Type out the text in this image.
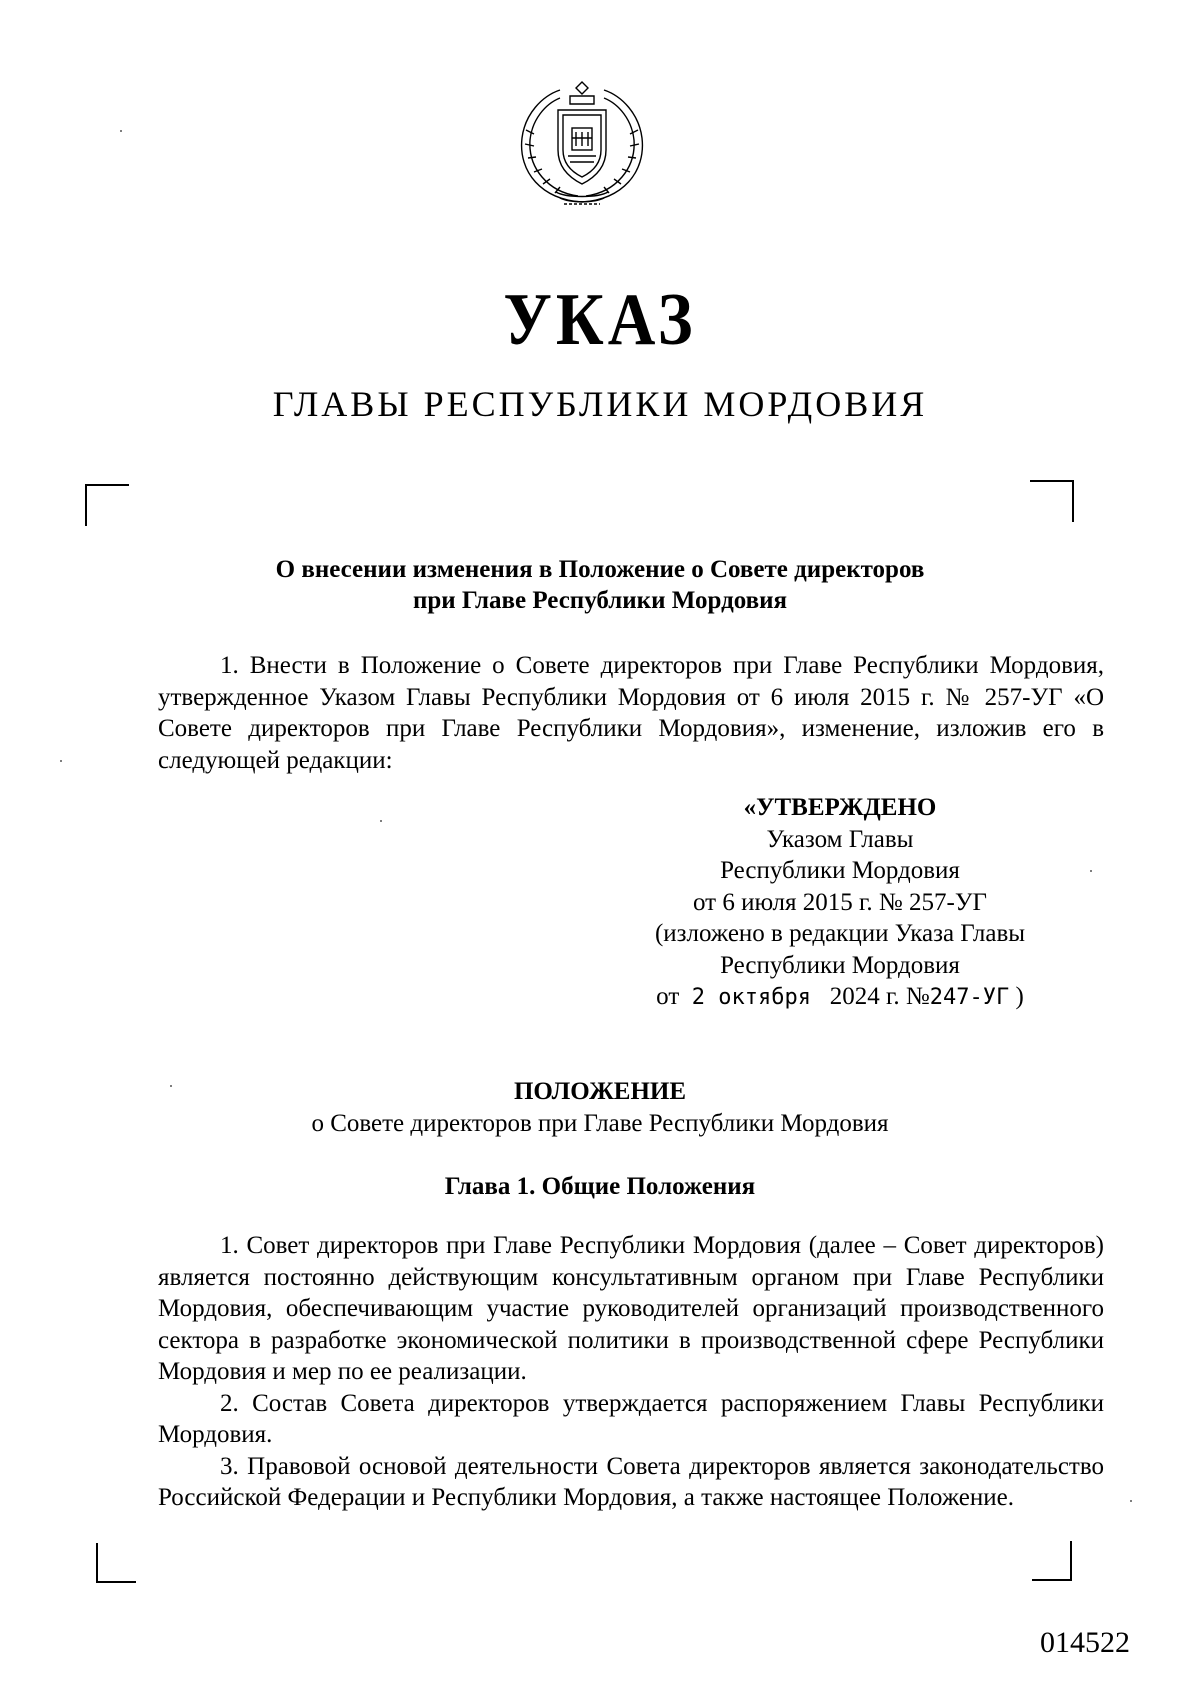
УКАЗ
ГЛАВЫ РЕСПУБЛИКИ МОРДОВИЯ
О внесении изменения в Положение о Совете директоров
при Главе Республики Мордовия

1. Внести в Положение о Совете директоров при Главе Республики Мордовия, утвержденное Указом Главы Республики Мордовия от 6 июля 2015 г. № 257-УГ «О Совете директоров при Главе Республики Мордовия», изменение, изложив его в следующей редакции:

«УТВЕРЖДЕНО
Указом Главы
Республики Мордовия
от 6 июля 2015 г. № 257-УГ
(изложено в редакции Указа Главы
Республики Мордовия
от 2 октября 2024 г. №247-УГ )
ПОЛОЖЕНИЕ
о Совете директоров при Главе Республики Мордовия
Глава 1. Общие Положения

1. Совет директоров при Главе Республики Мордовия (далее – Совет директоров) является постоянно действующим консультативным органом при Главе Республики Мордовия, обеспечивающим участие руководителей организаций производственного сектора в разработке экономической политики в производственной сфере Республики Мордовия и мер по ее реализации.

2. Состав Совета директоров утверждается распоряжением Главы Республики Мордовия.

3. Правовой основой деятельности Совета директоров является законодательство Российской Федерации и Республики Мордовия, а также настоящее Положение.

014522
